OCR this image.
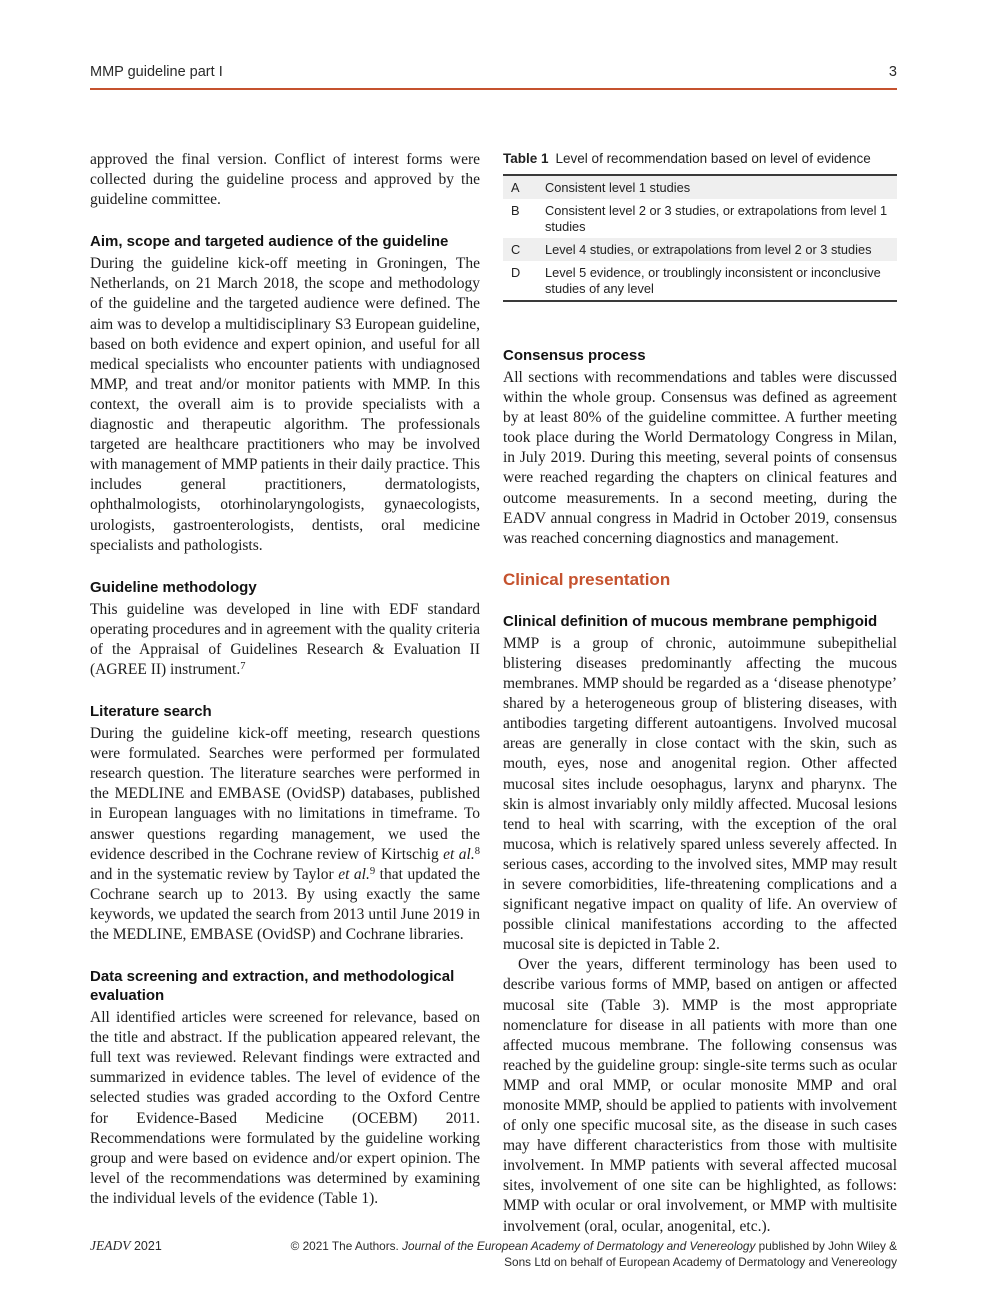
MMP guideline part I	3

approved the final version. Conflict of interest forms were collected during the guideline process and approved by the guideline committee.

Aim, scope and targeted audience of the guideline

During the guideline kick-off meeting in Groningen, The Netherlands, on 21 March 2018, the scope and methodology of the guideline and the targeted audience were defined. The aim was to develop a multidisciplinary S3 European guideline, based on both evidence and expert opinion, and useful for all medical specialists who encounter patients with undiagnosed MMP, and treat and/or monitor patients with MMP. In this context, the overall aim is to provide specialists with a diagnostic and therapeutic algorithm. The professionals targeted are healthcare practitioners who may be involved with management of MMP patients in their daily practice. This includes general practitioners, dermatologists, ophthalmologists, otorhinolaryngologists, gynaecologists, urologists, gastroenterologists, dentists, oral medicine specialists and pathologists.

Guideline methodology

This guideline was developed in line with EDF standard operating procedures and in agreement with the quality criteria of the Appraisal of Guidelines Research & Evaluation II (AGREE II) instrument.$^7$

Literature search

During the guideline kick-off meeting, research questions were formulated. Searches were performed per formulated research question. The literature searches were performed in the MEDLINE and EMBASE (OvidSP) databases, published in European languages with no limitations in timeframe. To answer questions regarding management, we used the evidence described in the Cochrane review of Kirtschig et al.$^8$ and in the systematic review by Taylor et al.$^9$ that updated the Cochrane search up to 2013. By using exactly the same keywords, we updated the search from 2013 until June 2019 in the MEDLINE, EMBASE (OvidSP) and Cochrane libraries.

Data screening and extraction, and methodological evaluation

All identified articles were screened for relevance, based on the title and abstract. If the publication appeared relevant, the full text was reviewed. Relevant findings were extracted and summarized in evidence tables. The level of evidence of the selected studies was graded according to the Oxford Centre for Evidence-Based Medicine (OCEBM) 2011. Recommendations were formulated by the guideline working group and were based on evidence and/or expert opinion. The level of the recommendations was determined by examining the individual levels of the evidence (Table 1).

Table 1 Level of recommendation based on level of evidence

A	Consistent level 1 studies
B	Consistent level 2 or 3 studies, or extrapolations from level 1 studies
C	Level 4 studies, or extrapolations from level 2 or 3 studies
D	Level 5 evidence, or troublingly inconsistent or inconclusive studies of any level
Consensus process

All sections with recommendations and tables were discussed within the whole group. Consensus was defined as agreement by at least 80% of the guideline committee. A further meeting took place during the World Dermatology Congress in Milan, in July 2019. During this meeting, several points of consensus were reached regarding the chapters on clinical features and outcome measurements. In a second meeting, during the EADV annual congress in Madrid in October 2019, consensus was reached concerning diagnostics and management.

Clinical presentation
Clinical definition of mucous membrane pemphigoid

MMP is a group of chronic, autoimmune subepithelial blistering diseases predominantly affecting the mucous membranes. MMP should be regarded as a ‘disease phenotype’ shared by a heterogeneous group of blistering diseases, with antibodies targeting different autoantigens. Involved mucosal areas are generally in close contact with the skin, such as mouth, eyes, nose and anogenital region. Other affected mucosal sites include oesophagus, larynx and pharynx. The skin is almost invariably only mildly affected. Mucosal lesions tend to heal with scarring, with the exception of the oral mucosa, which is relatively spared unless severely affected. In serious cases, according to the involved sites, MMP may result in severe comorbidities, life-threatening complications and a significant negative impact on quality of life. An overview of possible clinical manifestations according to the affected mucosal site is depicted in Table 2.

Over the years, different terminology has been used to describe various forms of MMP, based on antigen or affected mucosal site (Table 3). MMP is the most appropriate nomenclature for disease in all patients with more than one affected mucous membrane. The following consensus was reached by the guideline group: single-site terms such as ocular MMP and oral MMP, or ocular monosite MMP and oral monosite MMP, should be applied to patients with involvement of only one specific mucosal site, as the disease in such cases may have different characteristics from those with multisite involvement. In MMP patients with several affected mucosal sites, involvement of one site can be highlighted, as follows: MMP with ocular or oral involvement, or MMP with multisite involvement (oral, ocular, anogenital, etc.).

JEADV 2021	© 2021 The Authors. Journal of the European Academy of Dermatology and Venereology published by John Wiley & Sons Ltd on behalf of European Academy of Dermatology and Venereology
